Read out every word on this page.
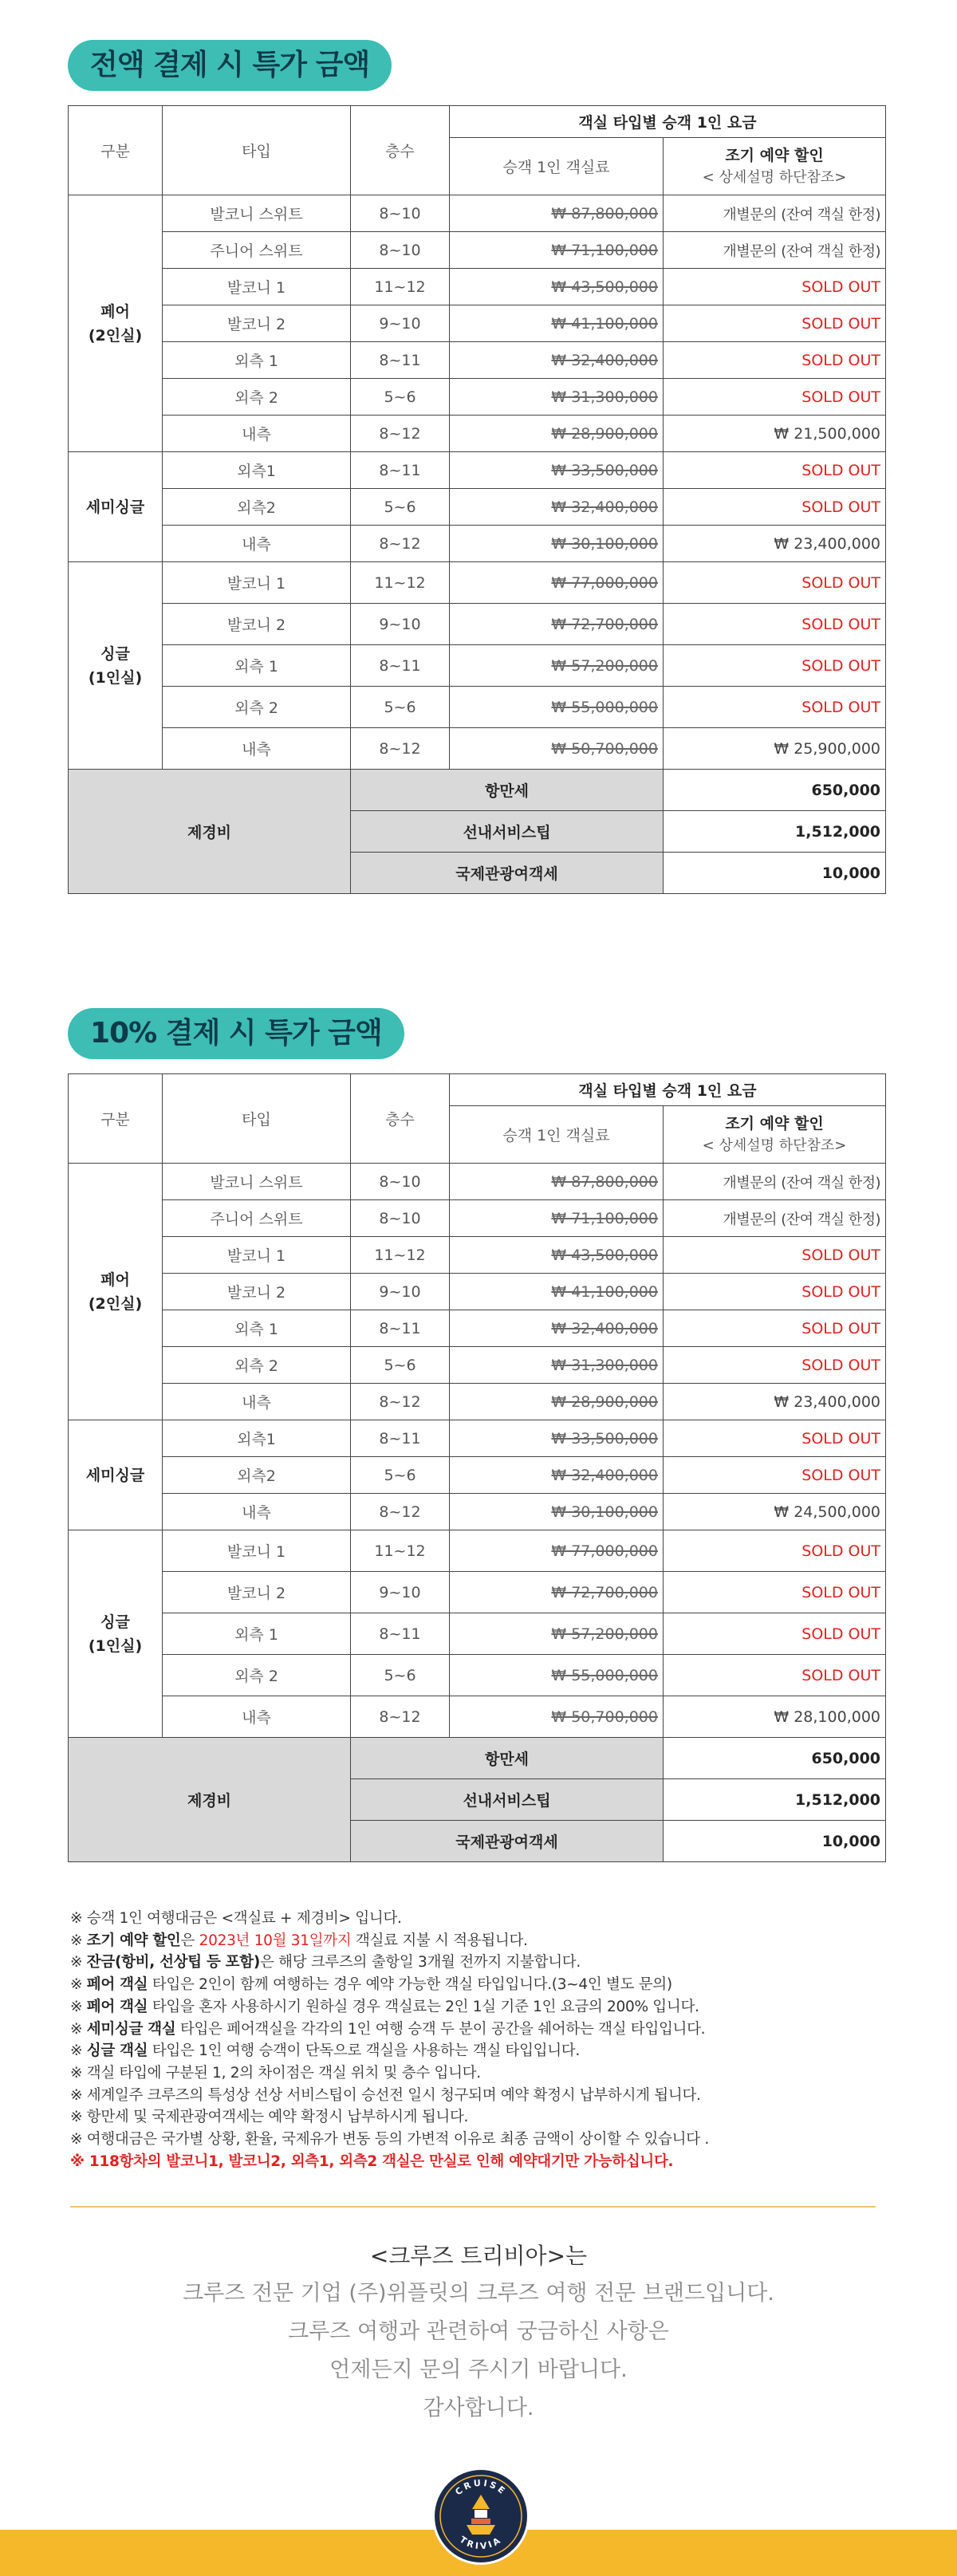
전액 결제 시 특가 금액
구분	타입	층수	객실 타입별 승객 1인 요금	
			승객 1인 객실료	조기 예약 할인
< 상세설명 하단참조>

페어
(2인실)	발코니 스위트	8~10	₩ 87,800,000	개별문의 (잔여 객실 한정)
	주니어 스위트	8~10	₩ 71,100,000	개별문의 (잔여 객실 한정)
	발코니 1	11~12	₩ 43,500,000	SOLD OUT
	발코니 2	9~10	₩ 41,100,000	SOLD OUT
	외측 1	8~11	₩ 32,400,000	SOLD OUT
	외측 2	5~6	₩ 31,300,000	SOLD OUT
	내측	8~12	₩ 28,900,000	₩ 21,500,000

세미싱글	외측1	8~11	₩ 33,500,000	SOLD OUT
	외측2	5~6	₩ 32,400,000	SOLD OUT
	내측	8~12	₩ 30,100,000	₩ 23,400,000

싱글
(1인실)	발코니 1	11~12	₩ 77,000,000	SOLD OUT
	발코니 2	9~10	₩ 72,700,000	SOLD OUT
	외측 1	8~11	₩ 57,200,000	SOLD OUT
	외측 2	5~6	₩ 55,000,000	SOLD OUT
	내측	8~12	₩ 50,700,000	₩ 25,900,000
제경비		항만세		650,000
		선내서비스팁		1,512,000
		국제관광여객세		10,000
10% 결제 시 특가 금액
구분	타입	층수	객실 타입별 승객 1인 요금	
			승객 1인 객실료	조기 예약 할인
< 상세설명 하단참조>

페어
(2인실)	발코니 스위트	8~10	₩ 87,800,000	개별문의 (잔여 객실 한정)
	주니어 스위트	8~10	₩ 71,100,000	개별문의 (잔여 객실 한정)
	발코니 1	11~12	₩ 43,500,000	SOLD OUT
	발코니 2	9~10	₩ 41,100,000	SOLD OUT
	외측 1	8~11	₩ 32,400,000	SOLD OUT
	외측 2	5~6	₩ 31,300,000	SOLD OUT
	내측	8~12	₩ 28,900,000	₩ 23,400,000

세미싱글	외측1	8~11	₩ 33,500,000	SOLD OUT
	외측2	5~6	₩ 32,400,000	SOLD OUT
	내측	8~12	₩ 30,100,000	₩ 24,500,000

싱글
(1인실)	발코니 1	11~12	₩ 77,000,000	SOLD OUT
	발코니 2	9~10	₩ 72,700,000	SOLD OUT
	외측 1	8~11	₩ 57,200,000	SOLD OUT
	외측 2	5~6	₩ 55,000,000	SOLD OUT
	내측	8~12	₩ 50,700,000	₩ 28,100,000
제경비		항만세		650,000
		선내서비스팁		1,512,000
		국제관광여객세		10,000
※ 승객 1인 여행대금은 <객실료 + 제경비> 입니다.
※ 조기 예약 할인은 2023년 10월 31일까지 객실료 지불 시 적용됩니다.
※ 잔금(항비, 선상팁 등 포함)은 해당 크루즈의 출항일 3개월 전까지 지불합니다.
※ 페어 객실 타입은 2인이 함께 여행하는 경우 예약 가능한 객실 타입입니다.(3~4인 별도 문의)
※ 페어 객실 타입을 혼자 사용하시기 원하실 경우 객실료는 2인 1실 기준 1인 요금의 200% 입니다.
※ 세미싱글 객실 타입은 페어객실을 각각의 1인 여행 승객 두 분이 공간을 쉐어하는 객실 타입입니다.
※ 싱글 객실 타입은 1인 여행 승객이 단독으로 객실을 사용하는 객실 타입입니다.
※ 객실 타입에 구분된 1, 2의 차이점은 객실 위치 및 층수 입니다.
※ 세계일주 크루즈의 특성상 선상 서비스팁이 승선전 일시 청구되며 예약 확정시 납부하시게 됩니다.
※ 항만세 및 국제관광여객세는 예약 확정시 납부하시게 됩니다.
※ 여행대금은 국가별 상황, 환율, 국제유가 변동 등의 가변적 이유로 최종 금액이 상이할 수 있습니다 .
※ 118항차의 발코니1, 발코니2, 외측1, 외측2 객실은 만실로 인해 예약대기만 가능하십니다.
<크루즈 트리비아>는
크루즈 전문 기업 (주)위플릿의 크루즈 여행 전문 브랜드입니다.
크루즈 여행과 관련하여 궁금하신 사항은
언제든지 문의 주시기 바랍니다.
감사합니다.
CRUISE
TRIVIA
